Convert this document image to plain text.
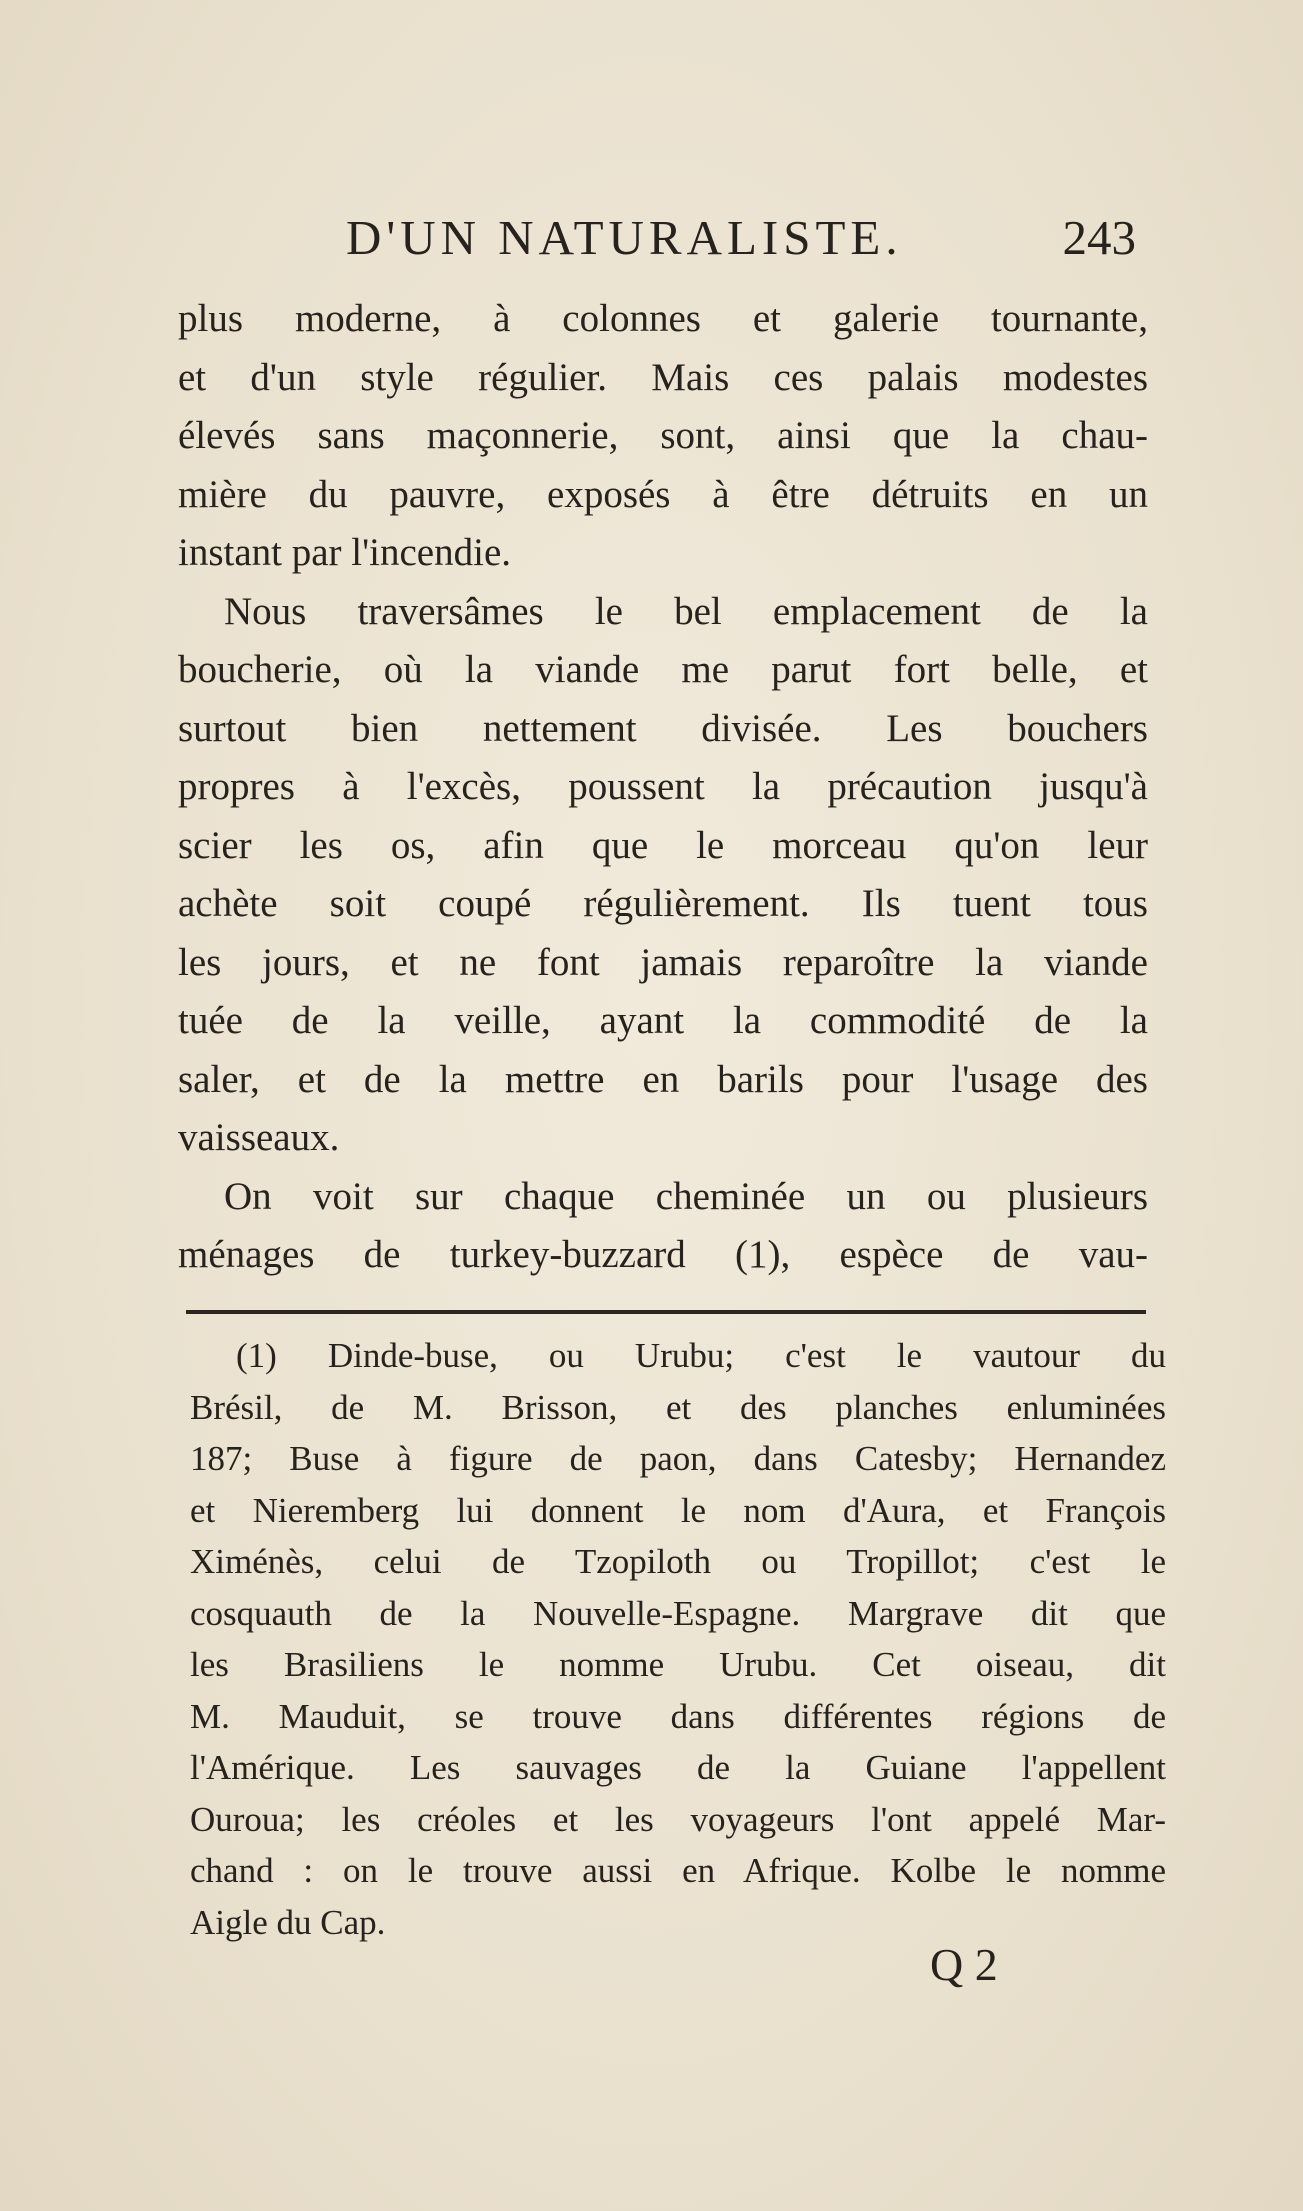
D'UN NATURALISTE.	243
plus moderne, à colonnes et galerie tournante,
et d'un style régulier. Mais ces palais modestes
élevés sans maçonnerie, sont, ainsi que la chau-
mière du pauvre, exposés à être détruits en un
instant par l'incendie.
Nous traversâmes le bel emplacement de la
boucherie, où la viande me parut fort belle, et
surtout bien nettement divisée. Les bouchers
propres à l'excès, poussent la précaution jusqu'à
scier les os, afin que le morceau qu'on leur
achète soit coupé régulièrement. Ils tuent tous
les jours, et ne font jamais reparoître la viande
tuée de la veille, ayant la commodité de la
saler, et de la mettre en barils pour l'usage des
vaisseaux.
On voit sur chaque cheminée un ou plusieurs
ménages de turkey-buzzard (1), espèce de vau-
(1) Dinde-buse, ou Urubu; c'est le vautour du
Brésil, de M. Brisson, et des planches enluminées
187; Buse à figure de paon, dans Catesby; Hernandez
et Nieremberg lui donnent le nom d'Aura, et François
Ximénès, celui de Tzopiloth ou Tropillot; c'est le
cosquauth de la Nouvelle-Espagne. Margrave dit que
les Brasiliens le nomme Urubu. Cet oiseau, dit
M. Mauduit, se trouve dans différentes régions de
l'Amérique. Les sauvages de la Guiane l'appellent
Ouroua; les créoles et les voyageurs l'ont appelé Mar-
chand : on le trouve aussi en Afrique. Kolbe le nomme
Aigle du Cap.
Q 2
